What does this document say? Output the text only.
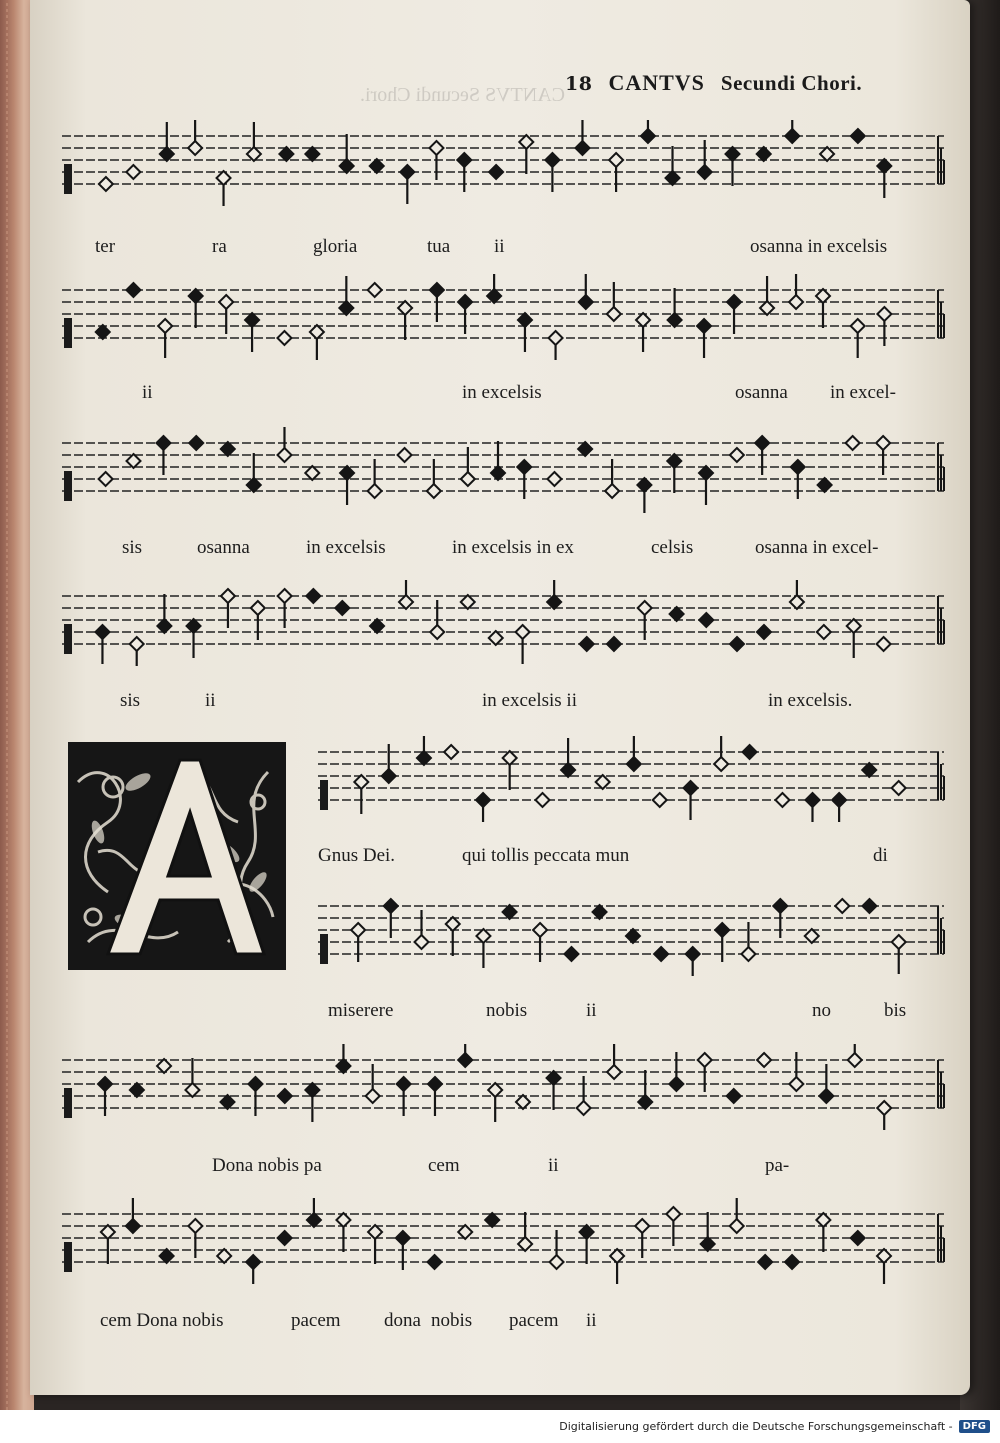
CANTVS Secundi Chori. 18 CANTVS Secundi Chori.
ter	ra	gloria	tua ii	osanna in excelsis
ii	in excelsis	osanna in excel-
sis	osanna	in excelsis	in excelsis in ex	celsis	osanna in excel-
sis	ii	in excelsis ii	in excelsis.
Gnus Dei.	qui tollis peccata mun	di
miserere	nobis	ii	no	bis
Dona nobis pa	cem	ii	pa-
cem Dona nobis	pacem dona nobis pacem ii
Digitalisierung gefördert durch die Deutsche Forschungsgemeinschaft -	DFG
